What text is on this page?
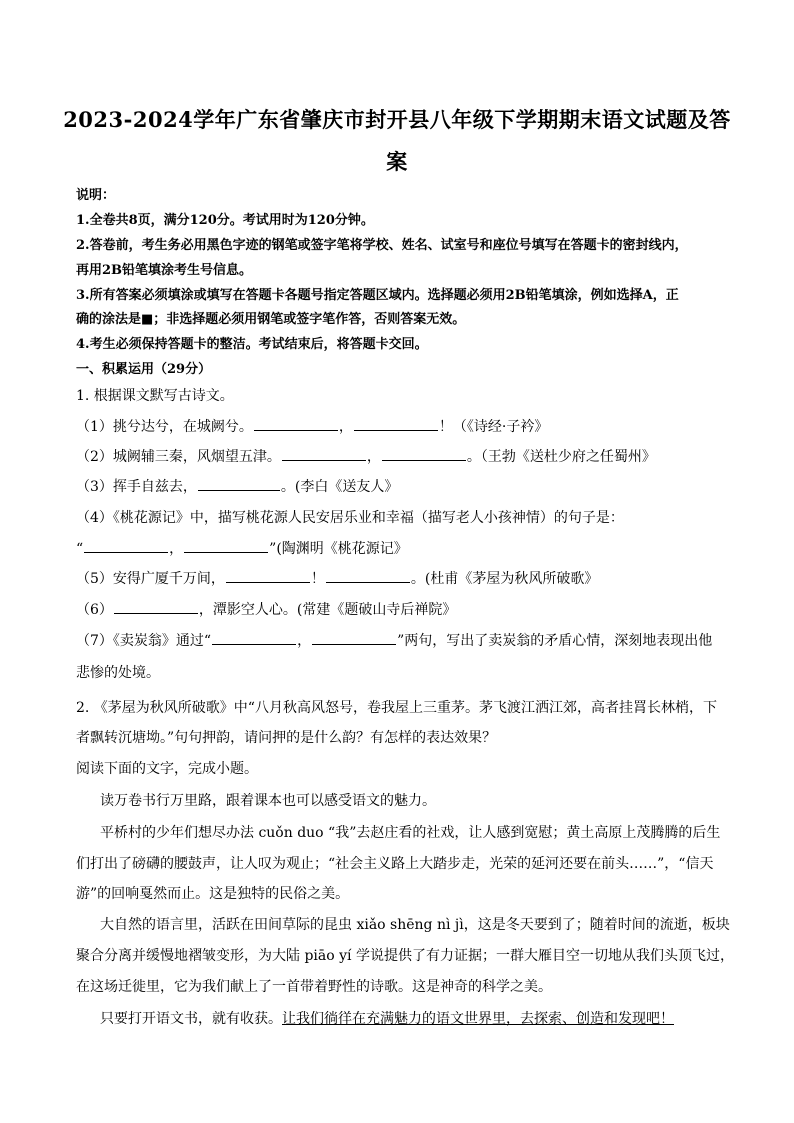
2023-2024学年广东省肇庆市封开县八年级下学期期末语文试题及答
案
说明：
1.全卷共8页，满分120分。考试用时为120分钟。
2.答卷前，考生务必用黑色字迹的钢笔或签字笔将学校、姓名、试室号和座位号填写在答题卡的密封线内，
再用2B铅笔填涂考生号信息。
3.所有答案必须填涂或填写在答题卡各题号指定答题区域内。选择题必须用2B铅笔填涂，例如选择A，正
确的涂法是■；非选择题必须用钢笔或签字笔作答，否则答案无效。
4.考生必须保持答题卡的整洁。考试结束后，将答题卡交回。
一、积累运用（29分）
1. 根据课文默写古诗文。
（1）挑兮达兮，在城阙兮。	，	！（《诗经·子衿》
（2）城阙辅三秦，风烟望五津。	，	。（王勃《送杜少府之任蜀州》
（3）挥手自兹去，	。(李白《送友人》
（4）《桃花源记》中，描写桃花源人民安居乐业和幸福（描写老人小孩神情）的句子是：
“	，	”(陶渊明《桃花源记》
（5）安得广厦千万间，	！	。(杜甫《茅屋为秋风所破歌》
（6）	，潭影空人心。(常建《题破山寺后禅院》
（7）《卖炭翁》通过“	，	”两句，写出了卖炭翁的矛盾心情，深刻地表现出他
悲惨的处境。
2. 《茅屋为秋风所破歌》中“八月秋高风怒号，卷我屋上三重茅。茅飞渡江洒江郊，高者挂罥长林梢，下
者飘转沉塘坳。”句句押韵，请问押的是什么韵？有怎样的表达效果？
阅读下面的文字，完成小题。
读万卷书行万里路，跟着课本也可以感受语文的魅力。
平桥村的少年们想尽办法 cuǒn duo “我”去赵庄看的社戏，让人感到宽慰；黄土高原上茂腾腾的后生
们打出了磅礴的腰鼓声，让人叹为观止；“社会主义路上大踏步走，光荣的延河还要在前头……”，“信天
游”的回响戛然而止。这是独特的民俗之美。
大自然的语言里，活跃在田间草际的昆虫 xiǎo shēng nì jì，这是冬天要到了；随着时间的流逝，板块
聚合分离并缓慢地褶皱变形，为大陆 piāo yí 学说提供了有力证据；一群大雁目空一切地从我们头顶飞过，
在这场迁徙里，它为我们献上了一首带着野性的诗歌。这是神奇的科学之美。
只要打开语文书，就有收获。让我们徜徉在充满魅力的语文世界里，去探索、创造和发现吧！
